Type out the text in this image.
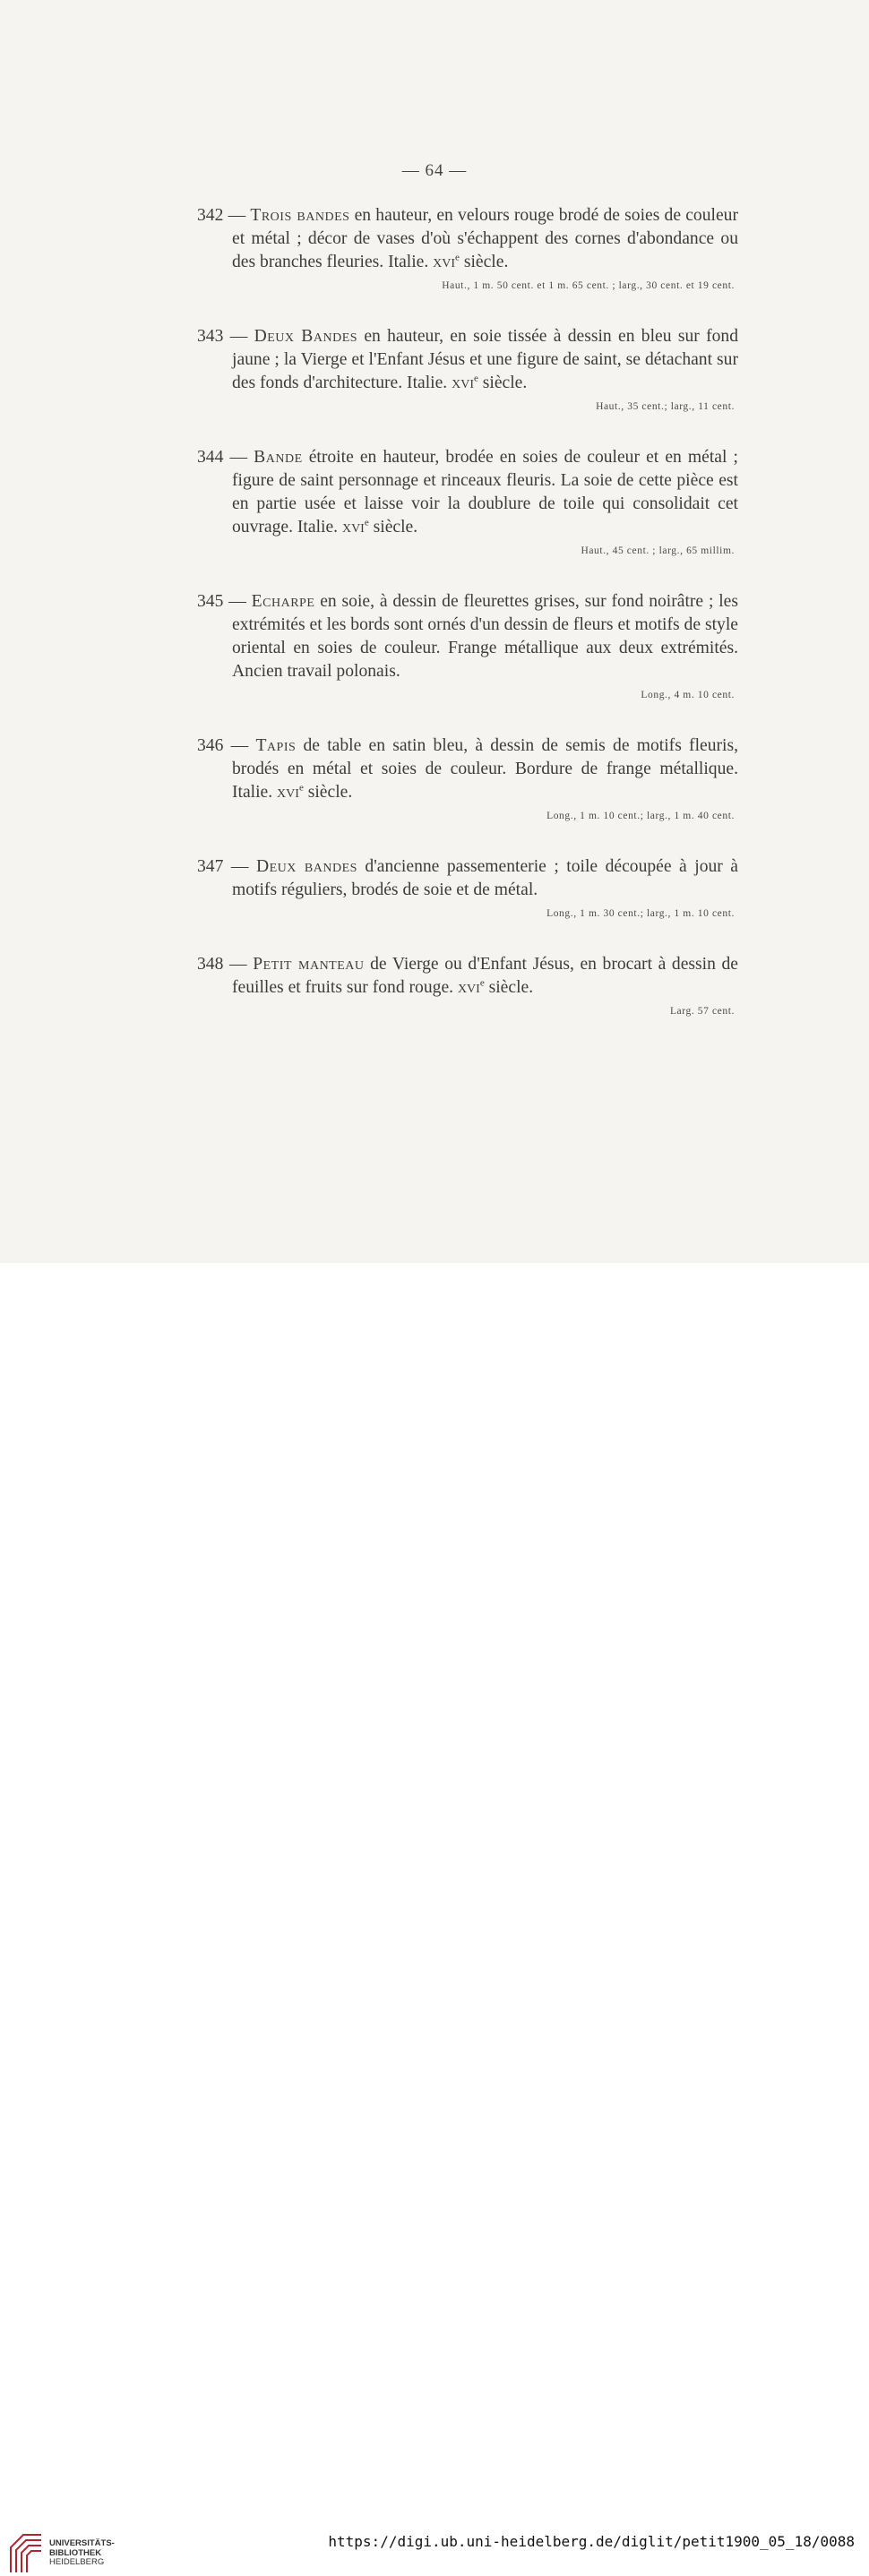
— 64 —
342 — Trois bandes en hauteur, en velours rouge brodé de soies de couleur et métal ; décor de vases d'où s'échappent des cornes d'abondance ou des branches fleuries. Italie. xvi$^e$ siècle.
Haut., 1 m. 50 cent. et 1 m. 65 cent. ; larg., 30 cent. et 19 cent.
343 — Deux Bandes en hauteur, en soie tissée à dessin en bleu sur fond jaune ; la Vierge et l'Enfant Jésus et une figure de saint, se détachant sur des fonds d'architecture. Italie. xvi$^e$ siècle.
Haut., 35 cent.; larg., 11 cent.
344 — Bande étroite en hauteur, brodée en soies de couleur et en métal ; figure de saint personnage et rinceaux fleuris. La soie de cette pièce est en partie usée et laisse voir la doublure de toile qui consolidait cet ouvrage. Italie. xvi$^e$ siècle.
Haut., 45 cent. ; larg., 65 millim.
345 — Echarpe en soie, à dessin de fleurettes grises, sur fond noirâtre ; les extrémités et les bords sont ornés d'un dessin de fleurs et motifs de style oriental en soies de couleur. Frange métallique aux deux extrémités. Ancien travail polonais.
Long., 4 m. 10 cent.
346 — Tapis de table en satin bleu, à dessin de semis de motifs fleuris, brodés en métal et soies de couleur. Bordure de frange métallique. Italie. xvi$^e$ siècle.
Long., 1 m. 10 cent.; larg., 1 m. 40 cent.
347 — Deux bandes d'ancienne passementerie ; toile découpée à jour à motifs réguliers, brodés de soie et de métal.
Long., 1 m. 30 cent.; larg., 1 m. 10 cent.
348 — Petit manteau de Vierge ou d'Enfant Jésus, en brocart à dessin de feuilles et fruits sur fond rouge. xvi$^e$ siècle.
Larg. 57 cent.
UNIVERSITÄTS-
BIBLIOTHEK
HEIDELBERG
https://digi.ub.uni-heidelberg.de/diglit/petit1900_05_18/0088
